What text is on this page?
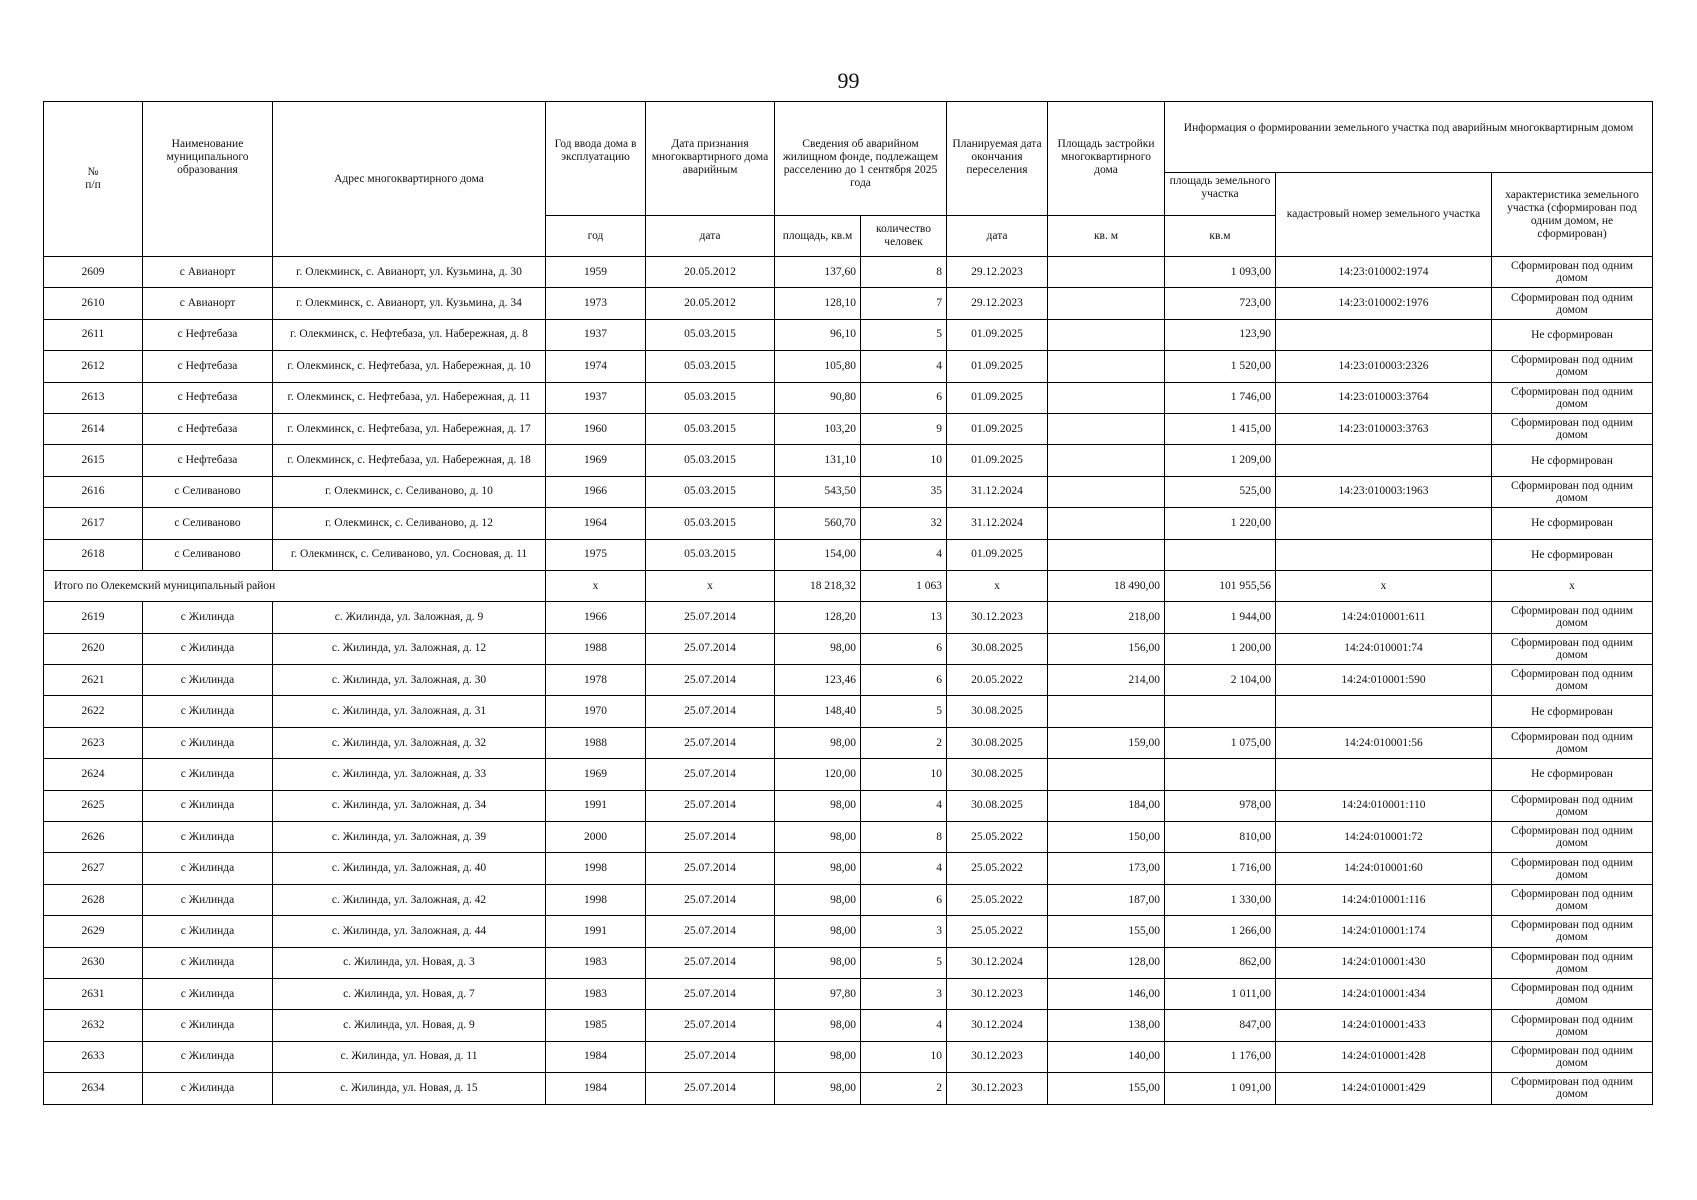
99
№
п/п	Наименование муниципального образования	Адрес многоквартирного дома	Год ввода дома в эксплуатацию	Дата признания многоквартирного дома аварийным	Сведения об аварийном жилищном фонде, подлежащем расселению до 1 сентября 2025 года		Планируемая дата окончания переселения	Площадь застройки многоквартирного дома	Информация о формировании земельного участка под аварийным многоквартирным домом		
									площадь земельного участка	кадастровый номер земельного участка	характеристика земельного участка (сформирован под одним домом, не сформирован)
			год	дата	площадь, кв.м	количество человек	дата	кв. м	кв.м		
2609	с Авианорт	г. Олекминск, с. Авианорт, ул. Кузьмина, д. 30	1959	20.05.2012	137,60	8	29.12.2023		1 093,00	14:23:010002:1974	Сформирован под одним домом
2610	с Авианорт	г. Олекминск, с. Авианорт, ул. Кузьмина, д. 34	1973	20.05.2012	128,10	7	29.12.2023		723,00	14:23:010002:1976	Сформирован под одним домом
2611	с Нефтебаза	г. Олекминск, с. Нефтебаза, ул. Набережная, д. 8	1937	05.03.2015	96,10	5	01.09.2025		123,90		Не сформирован
2612	с Нефтебаза	г. Олекминск, с. Нефтебаза, ул. Набережная, д. 10	1974	05.03.2015	105,80	4	01.09.2025		1 520,00	14:23:010003:2326	Сформирован под одним домом
2613	с Нефтебаза	г. Олекминск, с. Нефтебаза, ул. Набережная, д. 11	1937	05.03.2015	90,80	6	01.09.2025		1 746,00	14:23:010003:3764	Сформирован под одним домом
2614	с Нефтебаза	г. Олекминск, с. Нефтебаза, ул. Набережная, д. 17	1960	05.03.2015	103,20	9	01.09.2025		1 415,00	14:23:010003:3763	Сформирован под одним домом
2615	с Нефтебаза	г. Олекминск, с. Нефтебаза, ул. Набережная, д. 18	1969	05.03.2015	131,10	10	01.09.2025		1 209,00		Не сформирован
2616	с Селиваново	г. Олекминск, с. Селиваново, д. 10	1966	05.03.2015	543,50	35	31.12.2024		525,00	14:23:010003:1963	Сформирован под одним домом
2617	с Селиваново	г. Олекминск, с. Селиваново, д. 12	1964	05.03.2015	560,70	32	31.12.2024		1 220,00		Не сформирован
2618	с Селиваново	г. Олекминск, с. Селиваново, ул. Сосновая, д. 11	1975	05.03.2015	154,00	4	01.09.2025				Не сформирован
Итого по Олекемский муниципальный район			x	x	18 218,32	1 063	x	18 490,00	101 955,56	x	x
2619	с Жилинда	с. Жилинда, ул. Заложная, д. 9	1966	25.07.2014	128,20	13	30.12.2023	218,00	1 944,00	14:24:010001:611	Сформирован под одним домом
2620	с Жилинда	с. Жилинда, ул. Заложная, д. 12	1988	25.07.2014	98,00	6	30.08.2025	156,00	1 200,00	14:24:010001:74	Сформирован под одним домом
2621	с Жилинда	с. Жилинда, ул. Заложная, д. 30	1978	25.07.2014	123,46	6	20.05.2022	214,00	2 104,00	14:24:010001:590	Сформирован под одним домом
2622	с Жилинда	с. Жилинда, ул. Заложная, д. 31	1970	25.07.2014	148,40	5	30.08.2025				Не сформирован
2623	с Жилинда	с. Жилинда, ул. Заложная, д. 32	1988	25.07.2014	98,00	2	30.08.2025	159,00	1 075,00	14:24:010001:56	Сформирован под одним домом
2624	с Жилинда	с. Жилинда, ул. Заложная, д. 33	1969	25.07.2014	120,00	10	30.08.2025				Не сформирован
2625	с Жилинда	с. Жилинда, ул. Заложная, д. 34	1991	25.07.2014	98,00	4	30.08.2025	184,00	978,00	14:24:010001:110	Сформирован под одним домом
2626	с Жилинда	с. Жилинда, ул. Заложная, д. 39	2000	25.07.2014	98,00	8	25.05.2022	150,00	810,00	14:24:010001:72	Сформирован под одним домом
2627	с Жилинда	с. Жилинда, ул. Заложная, д. 40	1998	25.07.2014	98,00	4	25.05.2022	173,00	1 716,00	14:24:010001:60	Сформирован под одним домом
2628	с Жилинда	с. Жилинда, ул. Заложная, д. 42	1998	25.07.2014	98,00	6	25.05.2022	187,00	1 330,00	14:24:010001:116	Сформирован под одним домом
2629	с Жилинда	с. Жилинда, ул. Заложная, д. 44	1991	25.07.2014	98,00	3	25.05.2022	155,00	1 266,00	14:24:010001:174	Сформирован под одним домом
2630	с Жилинда	с. Жилинда, ул. Новая, д. 3	1983	25.07.2014	98,00	5	30.12.2024	128,00	862,00	14:24:010001:430	Сформирован под одним домом
2631	с Жилинда	с. Жилинда, ул. Новая, д. 7	1983	25.07.2014	97,80	3	30.12.2023	146,00	1 011,00	14:24:010001:434	Сформирован под одним домом
2632	с Жилинда	с. Жилинда, ул. Новая, д. 9	1985	25.07.2014	98,00	4	30.12.2024	138,00	847,00	14:24:010001:433	Сформирован под одним домом
2633	с Жилинда	с. Жилинда, ул. Новая, д. 11	1984	25.07.2014	98,00	10	30.12.2023	140,00	1 176,00	14:24:010001:428	Сформирован под одним домом
2634	с Жилинда	с. Жилинда, ул. Новая, д. 15	1984	25.07.2014	98,00	2	30.12.2023	155,00	1 091,00	14:24:010001:429	Сформирован под одним домом
